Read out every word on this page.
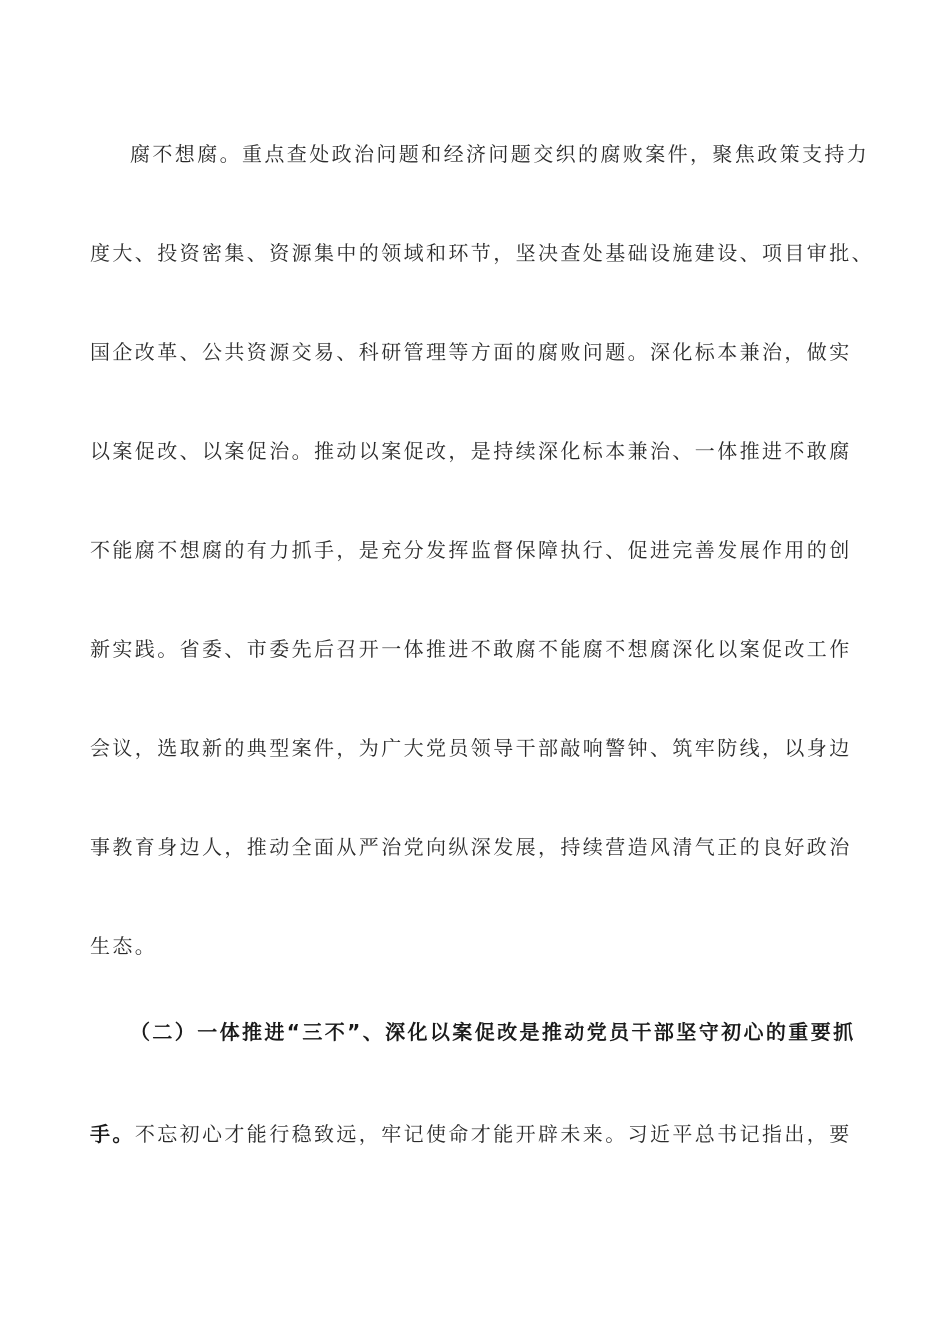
腐不想腐。重点查处政治问题和经济问题交织的腐败案件，聚焦政策支持力
度大、投资密集、资源集中的领域和环节，坚决查处基础设施建设、项目审批、
国企改革、公共资源交易、科研管理等方面的腐败问题。深化标本兼治，做实
以案促改、以案促治。推动以案促改，是持续深化标本兼治、一体推进不敢腐
不能腐不想腐的有力抓手，是充分发挥监督保障执行、促进完善发展作用的创
新实践。省委、市委先后召开一体推进不敢腐不能腐不想腐深化以案促改工作
会议，选取新的典型案件，为广大党员领导干部敲响警钟、筑牢防线，以身边
事教育身边人，推动全面从严治党向纵深发展，持续营造风清气正的良好政治
生态。
（二）一体推进“三不”、深化以案促改是推动党员干部坚守初心的重要抓
手。不忘初心才能行稳致远，牢记使命才能开辟未来。习近平总书记指出，要
